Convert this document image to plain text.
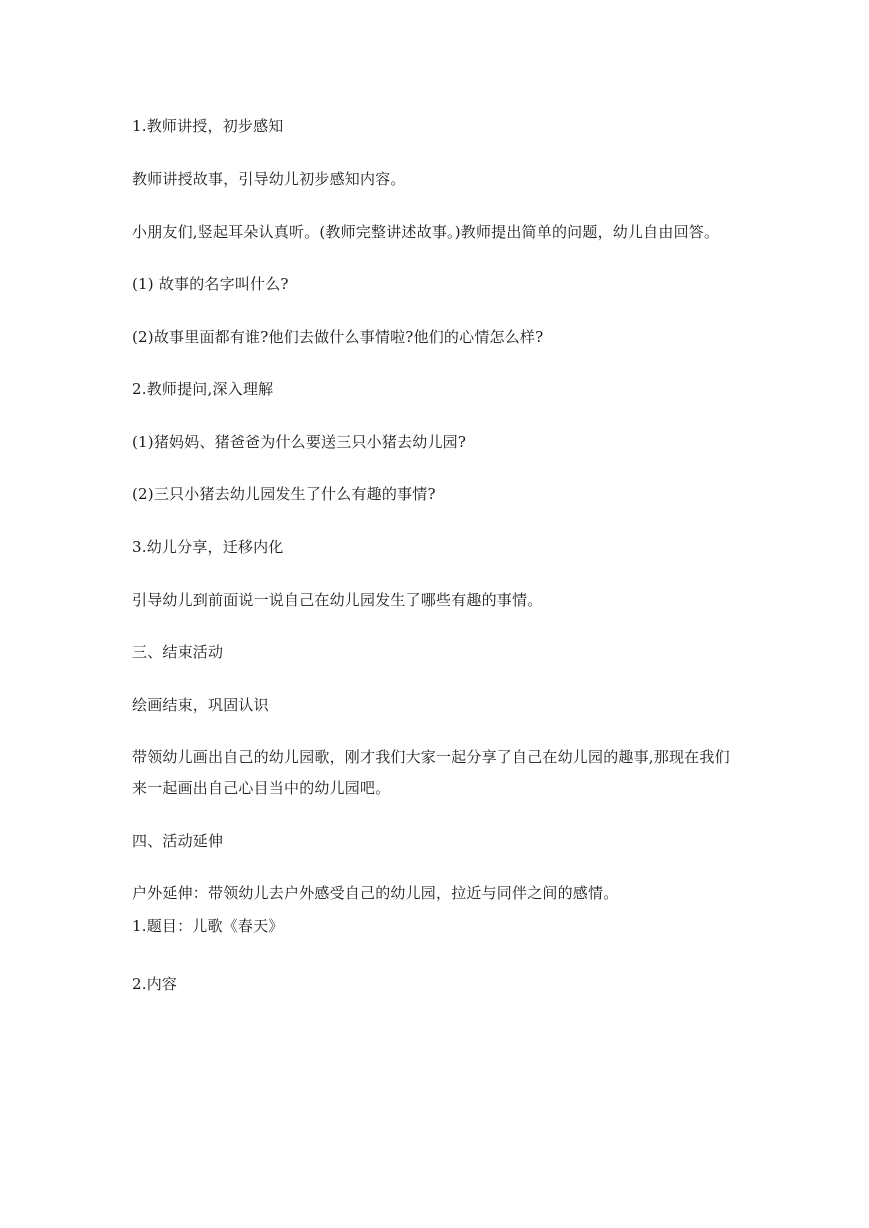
1.教师讲授，初步感知
教师讲授故事，引导幼儿初步感知内容。
小朋友们,竖起耳朵认真听。(教师完整讲述故事。)教师提出简单的问题，幼儿自由回答。
(1) 故事的名字叫什么?
(2)故事里面都有谁?他们去做什么事情啦?他们的心情怎么样?
2.教师提问,深入理解
(1)猪妈妈、猪爸爸为什么要送三只小猪去幼儿园?
(2)三只小猪去幼儿园发生了什么有趣的事情?
3.幼儿分享，迁移内化
引导幼儿到前面说一说自己在幼儿园发生了哪些有趣的事情。
三、结束活动
绘画结束，巩固认识
带领幼儿画出自己的幼儿园歌，刚才我们大家一起分享了自己在幼儿园的趣事,那现在我们
来一起画出自己心目当中的幼儿园吧。
四、活动延伸
户外延伸：带领幼儿去户外感受自己的幼儿园，拉近与同伴之间的感情。
1.题目：儿歌《春天》
2.内容
